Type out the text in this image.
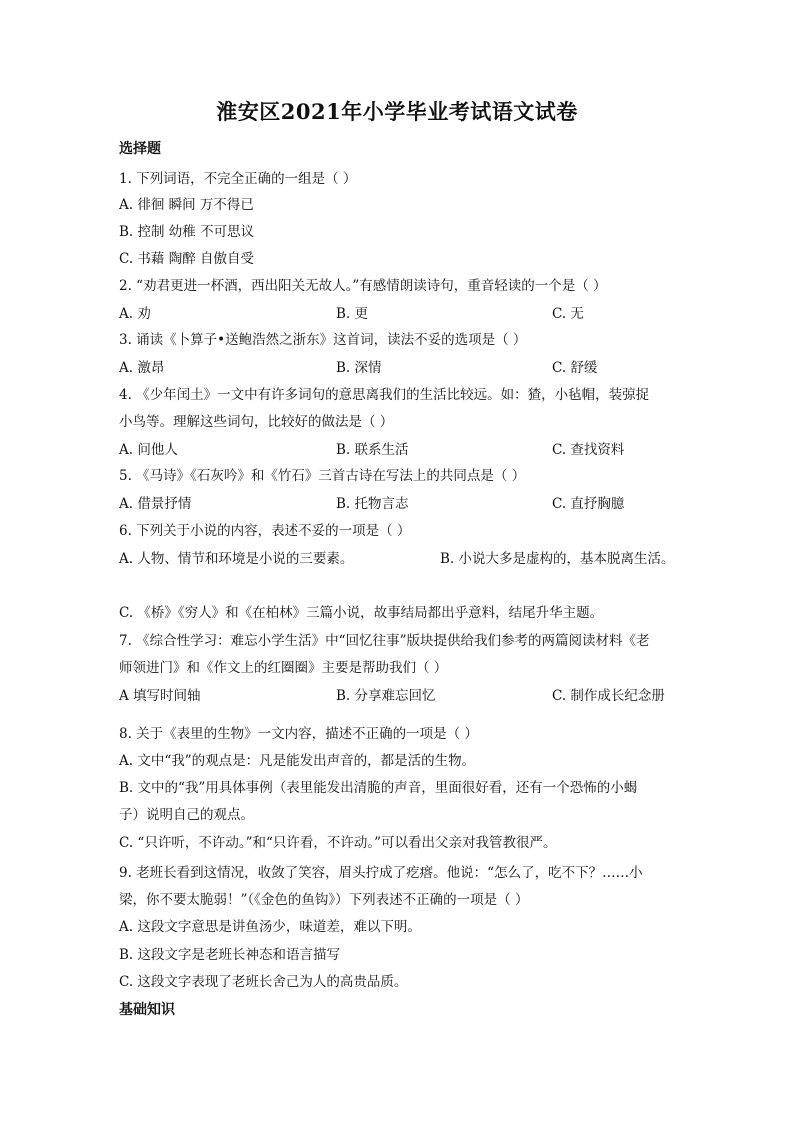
淮安区2021年小学毕业考试语文试卷
选择题
1. 下列词语，不完全正确的一组是（ ）
A. 徘徊 瞬间 万不得已
B. 控制 幼稚 不可思议
C. 书藉 陶醉 自傲自受
2. “劝君更进一杯酒，西出阳关无故人。”有感情朗读诗句，重音轻读的一个是（ ）
A. 劝	B. 更	C. 无
3. 诵读《卜算子•送鲍浩然之浙东》这首词，读法不妥的选项是（ ）
A. 激昂	B. 深情	C. 舒缓
4. 《少年闰土》一文中有许多词句的意思离我们的生活比较远。如：猹，小毡帽，装弶捉
小鸟等。理解这些词句，比较好的做法是（ ）
A. 问他人	B. 联系生活	C. 查找资料
5. 《马诗》《石灰吟》和《竹石》三首古诗在写法上的共同点是（ ）
A. 借景抒情	B. 托物言志	C. 直抒胸臆
6. 下列关于小说的内容，表述不妥的一项是（ ）
A. 人物、情节和环境是小说的三要素。	B. 小说大多是虚构的，基本脱离生活。
C. 《桥》《穷人》和《在柏林》三篇小说，故事结局都出乎意料，结尾升华主题。
7. 《综合性学习：难忘小学生活》中“回忆往事”版块提供给我们参考的两篇阅读材料《老
师领进门》和《作文上的红圈圈》主要是帮助我们（ ）
A 填写时间轴	B. 分享难忘回忆	C. 制作成长纪念册
8. 关于《表里的生物》一文内容，描述不正确的一项是（ ）
A. 文中“我”的观点是：凡是能发出声音的，都是活的生物。
B. 文中的“我”用具体事例（表里能发出清脆的声音，里面很好看，还有一个恐怖的小蝎
子）说明自己的观点。
C. “只许听，不许动。”和“只许看，不许动。”可以看出父亲对我管教很严。
9. 老班长看到这情况，收敛了笑容，眉头拧成了疙瘩。他说：“怎么了，吃不下？……小
梁，你不要太脆弱！”（《金色的鱼钩》）下列表述不正确的一项是（ ）
A. 这段文字意思是讲鱼汤少，味道差，难以下明。
B. 这段文字是老班长神态和语言描写
C. 这段文字表现了老班长舍己为人的高贵品质。
基础知识
